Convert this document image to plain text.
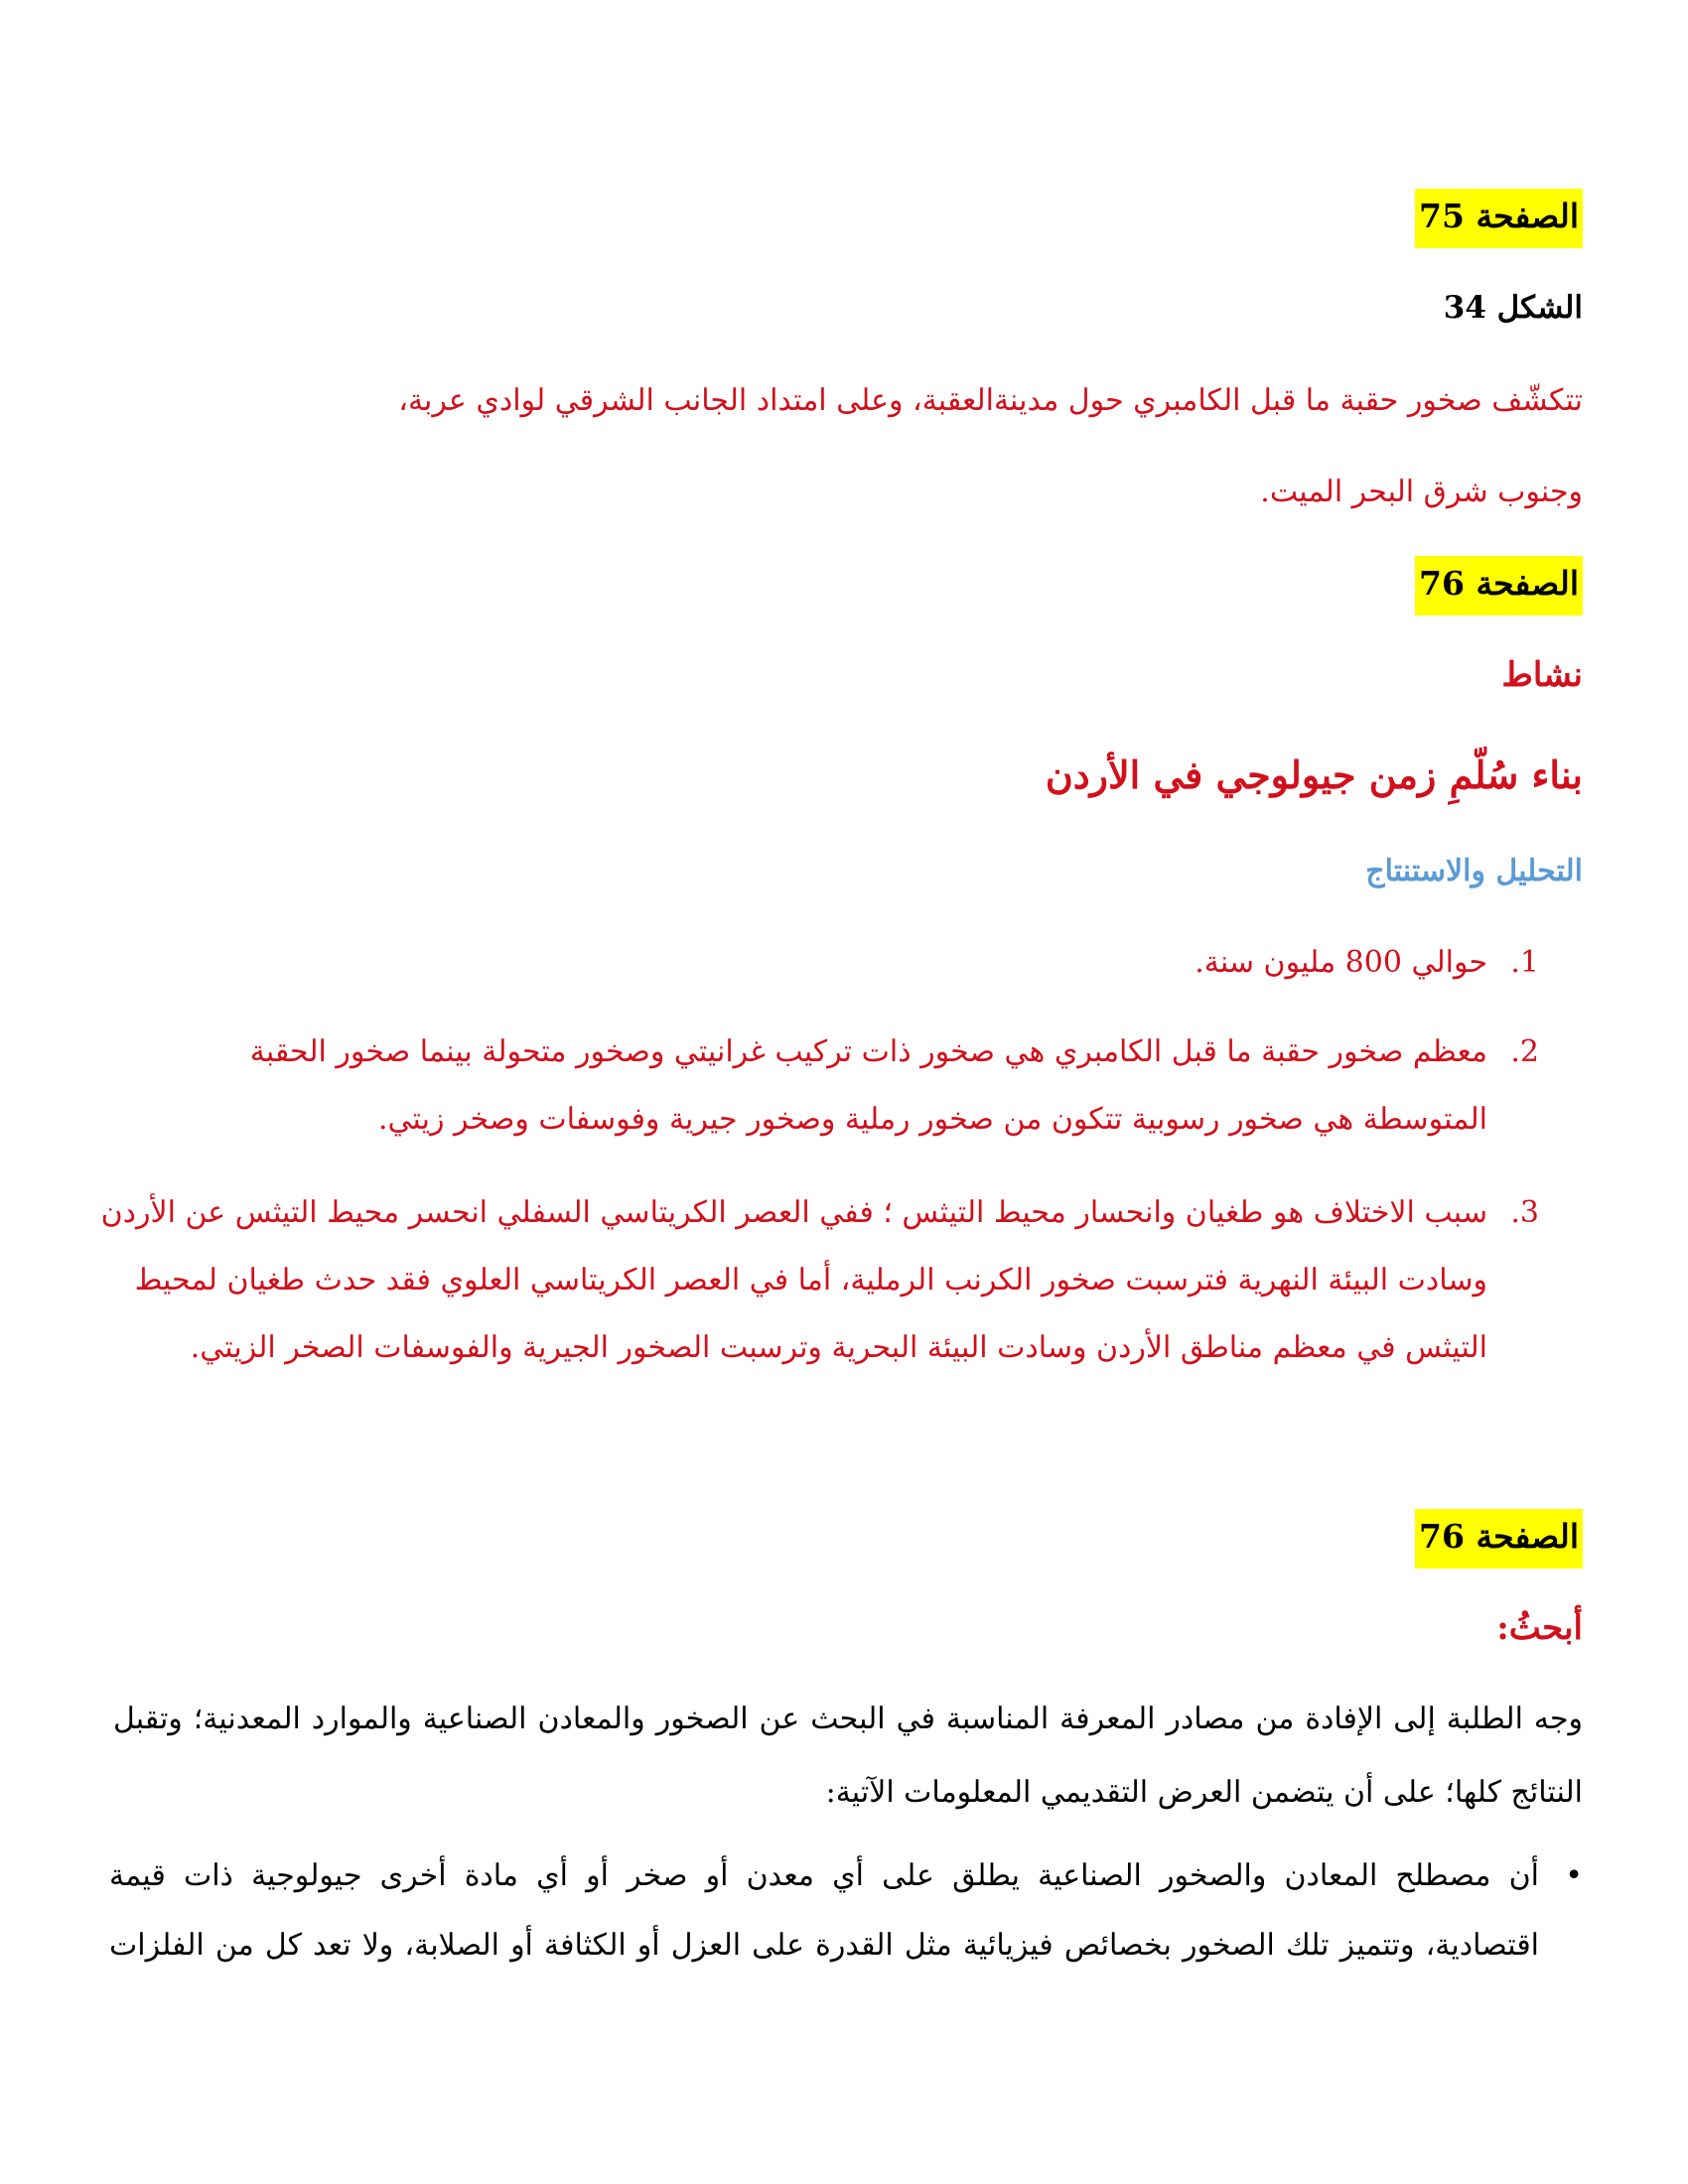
الصفحة 75
الشكل 34
تتكشّف صخور حقبة ما قبل الكامبري حول مدينةالعقبة، وعلى امتداد الجانب الشرقي لوادي عربة،
وجنوب شرق البحر الميت.
الصفحة 76
نشاط
بناء سُلّمِ زمن جيولوجي في الأردن
التحليل والاستنتاج
1.

حوالي 800 مليون سنة.

2.

معظم صخور حقبة ما قبل الكامبري هي صخور ذات تركيب غرانيتي وصخور متحولة بينما صخور الحقبة

المتوسطة هي صخور رسوبية تتكون من صخور رملية وصخور جيرية وفوسفات وصخر زيتي.

3.

سبب الاختلاف هو طغيان وانحسار محيط التيثس ؛ ففي العصر الكريتاسي السفلي انحسر محيط التيثس عن الأردن

وسادت البيئة النهرية فترسبت صخور الكرنب الرملية، أما في العصر الكريتاسي العلوي فقد حدث طغيان لمحيط

التيثس في معظم مناطق الأردن وسادت البيئة البحرية وترسبت الصخور الجيرية والفوسفات الصخر الزيتي.

الصفحة 76
أبحثُ:
وجه الطلبة إلى الإفادة من مصادر المعرفة المناسبة في البحث عن الصخور والمعادن الصناعية والموارد المعدنية؛ وتقبل
النتائج كلها؛ على أن يتضمن العرض التقديمي المعلومات الآتية:
•
أن مصطلح المعادن والصخور الصناعية يطلق على أي معدن أو صخر أو أي مادة أخرى جيولوجية ذات قيمة
اقتصادية، وتتميز تلك الصخور بخصائص فيزيائية مثل القدرة على العزل أو الكثافة أو الصلابة، ولا تعد كل من الفلزات
